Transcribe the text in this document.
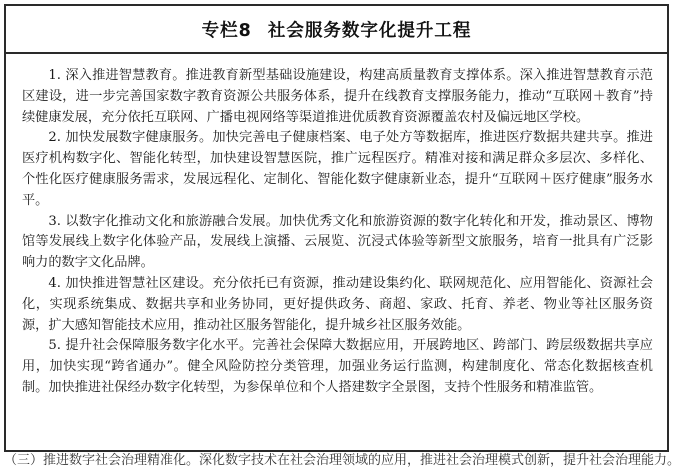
专栏8 社会服务数字化提升工程

1. 深入推进智慧教育。推进教育新型基础设施建设，构建高质量教育支撑体系。深入推进智慧教育示范区建设，进一步完善国家数字教育资源公共服务体系，提升在线教育支撑服务能力，推动“互联网＋教育”持续健康发展，充分依托互联网、广播电视网络等渠道推进优质教育资源覆盖农村及偏远地区学校。

2. 加快发展数字健康服务。加快完善电子健康档案、电子处方等数据库，推进医疗数据共建共享。推进医疗机构数字化、智能化转型，加快建设智慧医院，推广远程医疗。精准对接和满足群众多层次、多样化、个性化医疗健康服务需求，发展远程化、定制化、智能化数字健康新业态，提升“互联网＋医疗健康”服务水平。

3. 以数字化推动文化和旅游融合发展。加快优秀文化和旅游资源的数字化转化和开发，推动景区、博物馆等发展线上数字化体验产品，发展线上演播、云展览、沉浸式体验等新型文旅服务，培育一批具有广泛影响力的数字文化品牌。

4. 加快推进智慧社区建设。充分依托已有资源，推动建设集约化、联网规范化、应用智能化、资源社会化，实现系统集成、数据共享和业务协同，更好提供政务、商超、家政、托育、养老、物业等社区服务资源，扩大感知智能技术应用，推动社区服务智能化，提升城乡社区服务效能。

5. 提升社会保障服务数字化水平。完善社会保障大数据应用，开展跨地区、跨部门、跨层级数据共享应用，加快实现“跨省通办”。健全风险防控分类管理，加强业务运行监测，构建制度化、常态化数据核查机制。加快推进社保经办数字化转型，为参保单位和个人搭建数字全景图，支持个性服务和精准监管。

（三）推进数字社会治理精准化。深化数字技术在社会治理领域的应用，推进社会治理模式创新，提升社会治理能力。
